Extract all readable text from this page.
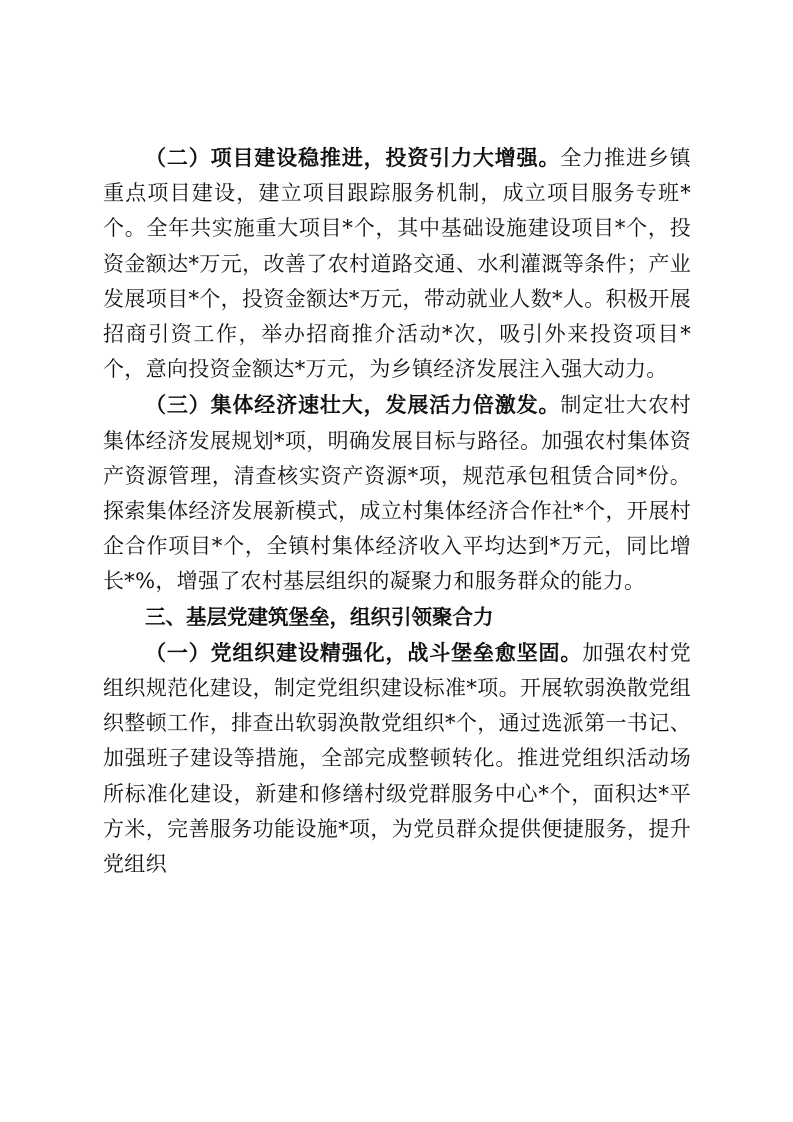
（二）项目建设稳推进，投资引力大增强。全力推进乡镇重点项目建设，建立项目跟踪服务机制，成立项目服务专班*个。全年共实施重大项目*个，其中基础设施建设项目*个，投资金额达*万元，改善了农村道路交通、水利灌溉等条件；产业发展项目*个，投资金额达*万元，带动就业人数*人。积极开展招商引资工作，举办招商推介活动*次，吸引外来投资项目*个，意向投资金额达*万元，为乡镇经济发展注入强大动力。

（三）集体经济速壮大，发展活力倍激发。制定壮大农村集体经济发展规划*项，明确发展目标与路径。加强农村集体资产资源管理，清查核实资产资源*项，规范承包租赁合同*份。探索集体经济发展新模式，成立村集体经济合作社*个，开展村企合作项目*个，全镇村集体经济收入平均达到*万元，同比增长*%，增强了农村基层组织的凝聚力和服务群众的能力。

三、基层党建筑堡垒，组织引领聚合力

（一）党组织建设精强化，战斗堡垒愈坚固。加强农村党组织规范化建设，制定党组织建设标准*项。开展软弱涣散党组织整顿工作，排查出软弱涣散党组织*个，通过选派第一书记、加强班子建设等措施，全部完成整顿转化。推进党组织活动场所标准化建设，新建和修缮村级党群服务中心*个，面积达*平方米，完善服务功能设施*项，为党员群众提供便捷服务，提升党组织
